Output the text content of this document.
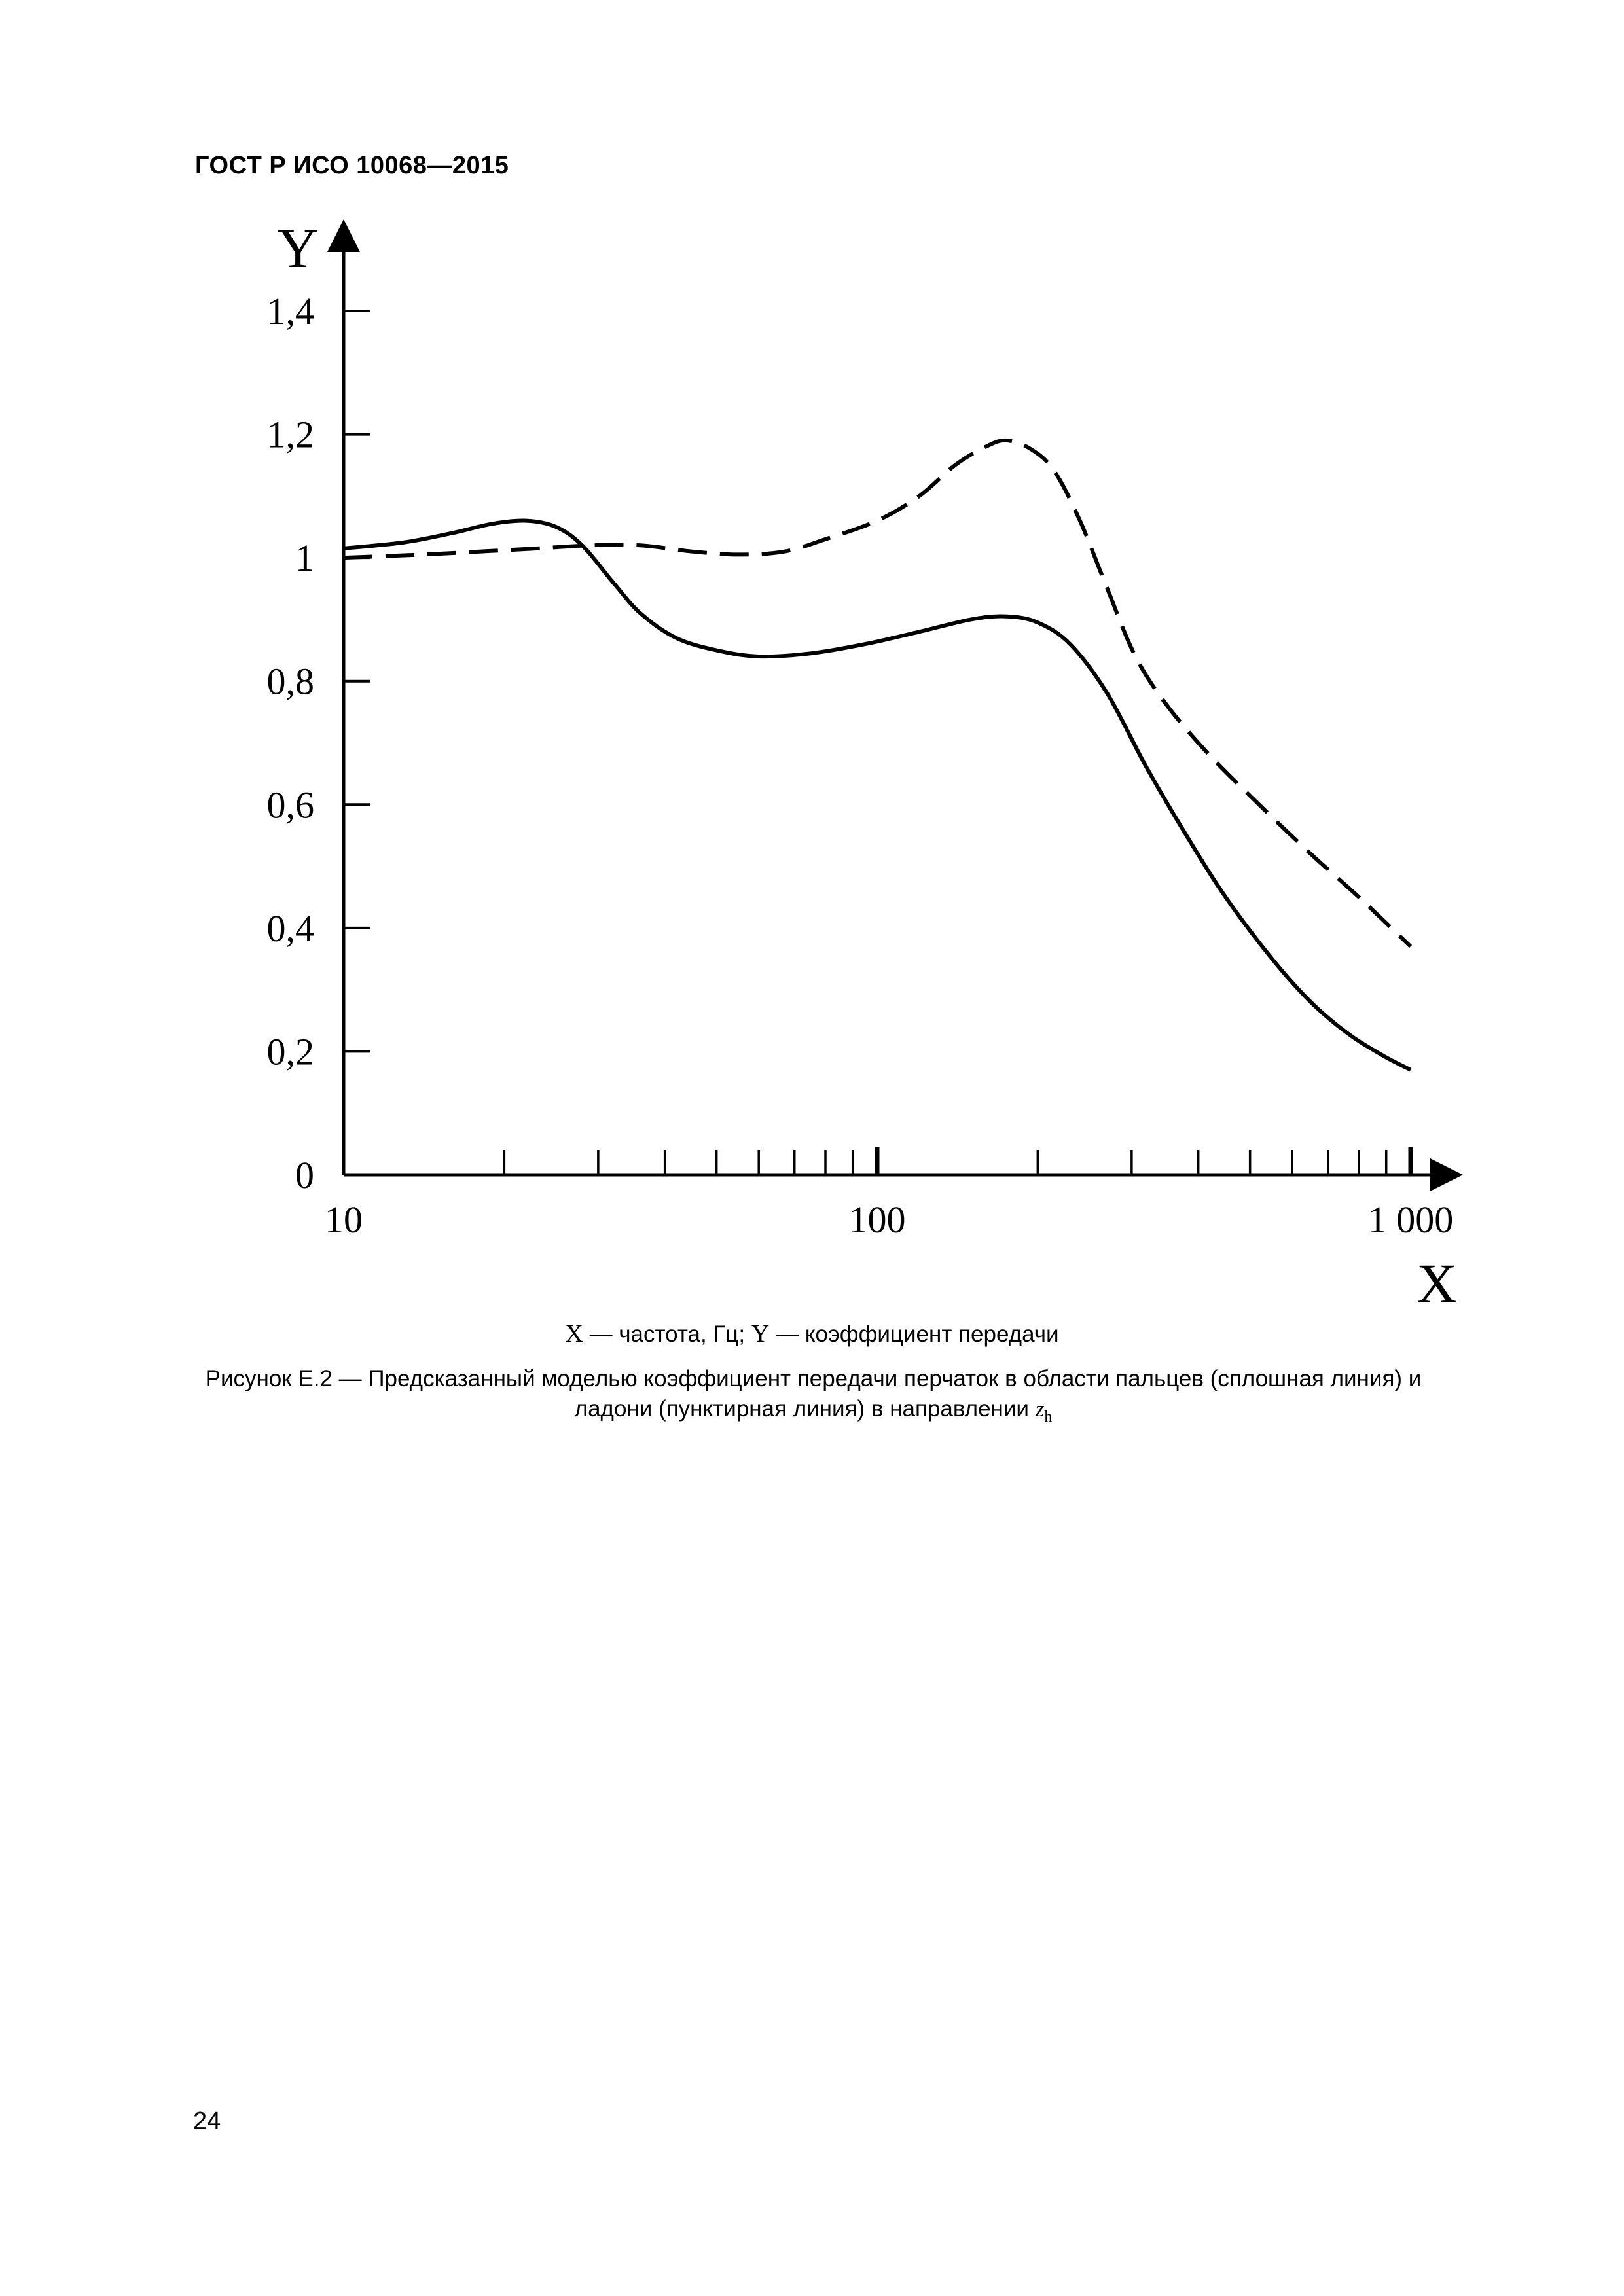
ГОСТ Р ИСО 10068—2015
0
0,2
0,4
0,6
0,8
1
1,2
1,4
10	100	1 000
Y
X
X — частота, Гц; Y — коэффициент передачи
Рисунок Е.2 — Предсказанный моделью коэффициент передачи перчаток в области пальцев (сплошная линия) и
ладони (пунктирная линия) в направлении $z_h$
24
